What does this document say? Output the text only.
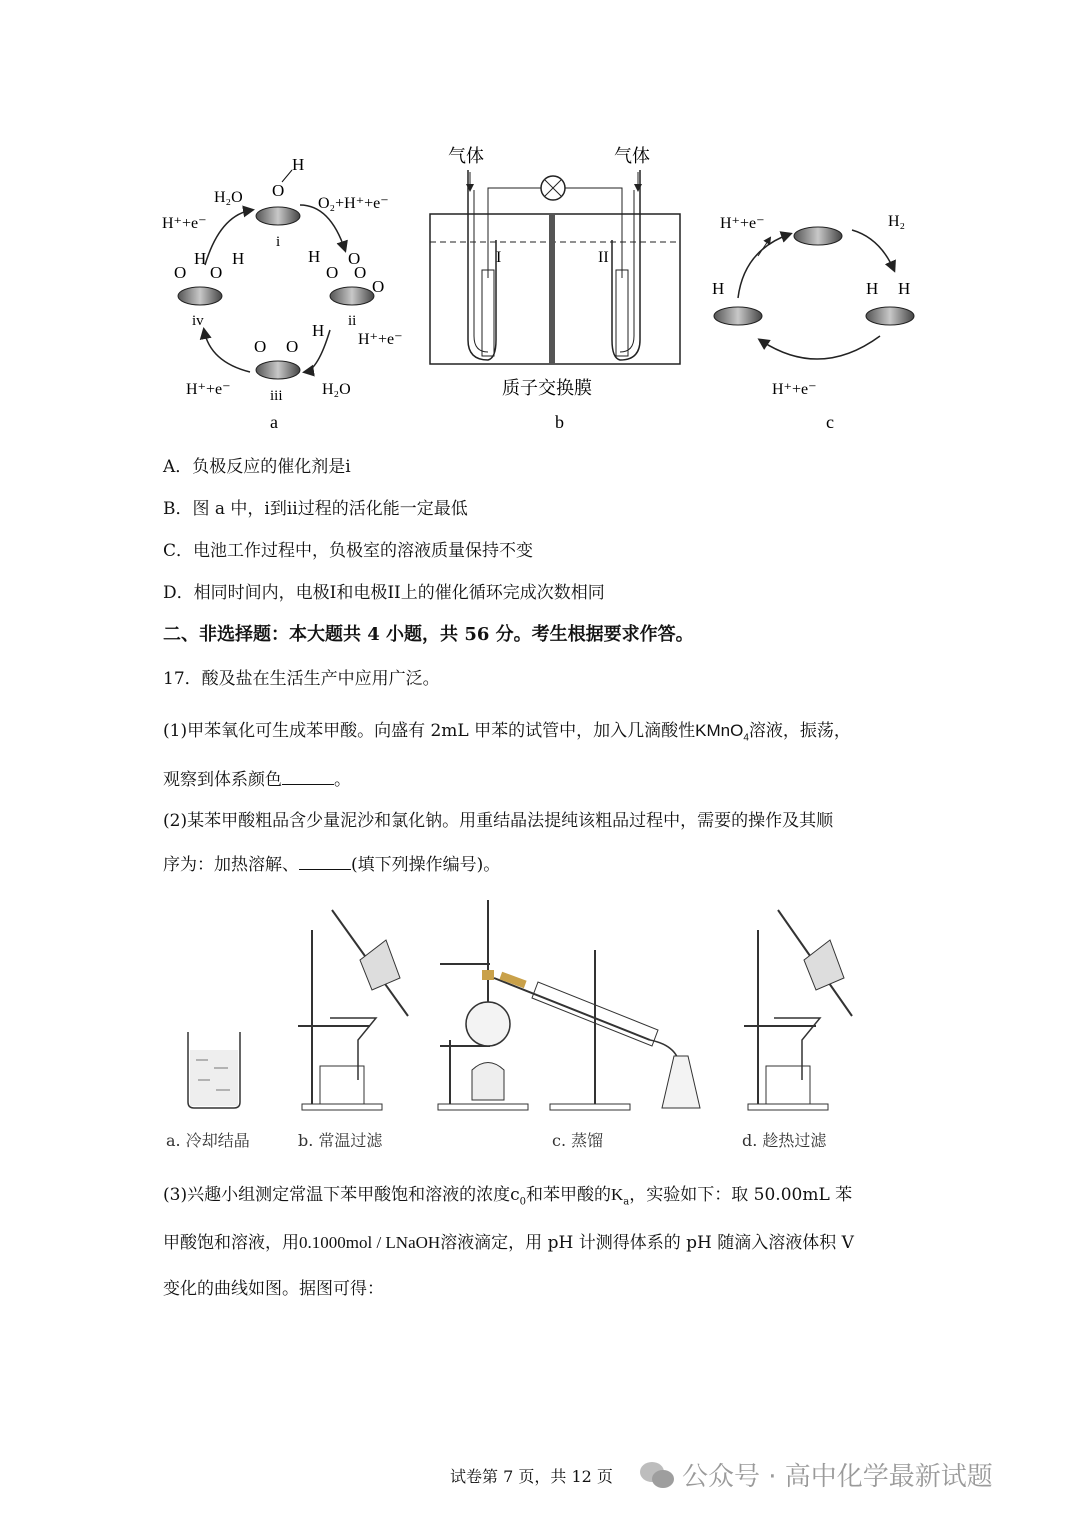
O
H
i
H
O
O
O
O
ii
O O
H
iii
O
H
O
H
iv
H₂O	O₂+H⁺+e⁻
H⁺+e⁻
H⁺+e⁻
H⁺+e⁻	H₂O
a
气体	气体
I	II
质子交换膜
b
H	H H
H⁺+e⁻	H₂
H⁺+e⁻
c
A．负极反应的催化剂是i
B．图 a 中，i到ii过程的活化能一定最低
C．电池工作过程中，负极室的溶液质量保持不变
D．相同时间内，电极I和电极II上的催化循环完成次数相同
二、非选择题：本大题共 4 小题，共 56 分。考生根据要求作答。
17．酸及盐在生活生产中应用广泛。
(1)甲苯氧化可生成苯甲酸。向盛有 2mL 甲苯的试管中，加入几滴酸性KMnO$_4$溶液，振荡，
观察到体系颜色	。
(2)某苯甲酸粗品含少量泥沙和氯化钠。用重结晶法提纯该粗品过程中，需要的操作及其顺
序为：加热溶解、	(填下列操作编号)。
a. 冷却结晶	b. 常温过滤	c. 蒸馏	d. 趁热过滤
(3)兴趣小组测定常温下苯甲酸饱和溶液的浓度$c_0$和苯甲酸的$K_a$，实验如下：取 50.00mL 苯
甲酸饱和溶液，用0.1000mol / LNaOH溶液滴定，用 pH 计测得体系的 pH 随滴入溶液体积 V
变化的曲线如图。据图可得：
试卷第 7 页，共 12 页	公众号 · 高中化学最新试题
